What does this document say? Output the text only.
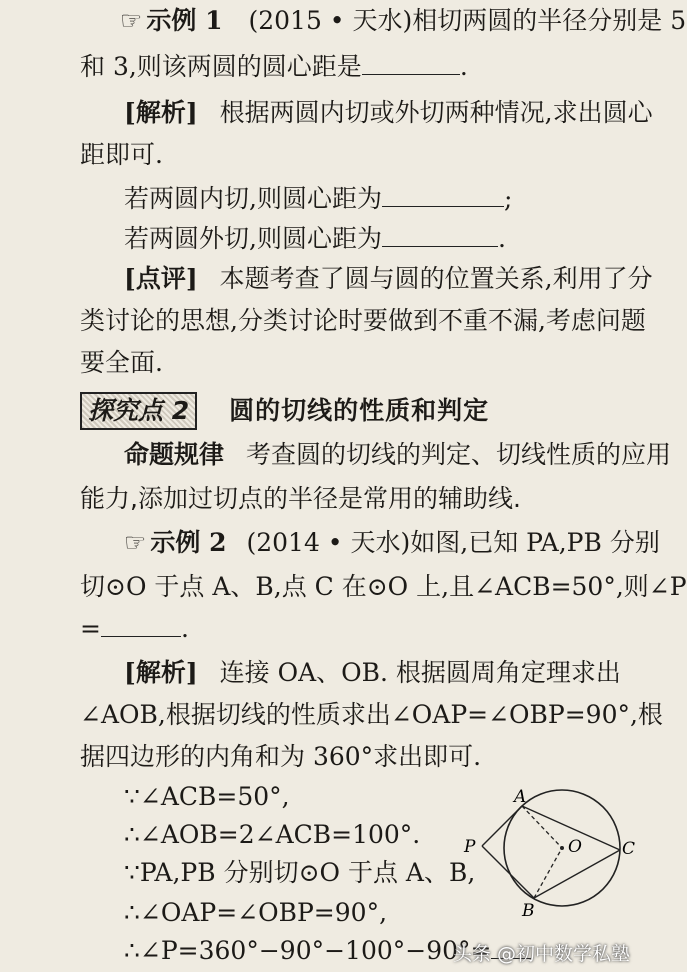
☞ 示例 1 (2015 • 天水)相切两圆的半径分别是 5
和 3,则该两圆的圆心距是	.
[解析] 根据两圆内切或外切两种情况,求出圆心
距即可.
若两圆内切,则圆心距为	;
若两圆外切,则圆心距为	.
[点评] 本题考查了圆与圆的位置关系,利用了分
类讨论的思想,分类讨论时要做到不重不漏,考虑问题
要全面.
探究点 2 圆的切线的性质和判定
命题规律 考查圆的切线的判定、切线性质的应用
能力,添加过切点的半径是常用的辅助线.
☞ 示例 2 (2014 • 天水)如图,已知 PA,PB 分别
切⊙O 于点 A、B,点 C 在⊙O 上,且∠ACB=50°,则∠P
=	.
[解析] 连接 OA、OB. 根据圆周角定理求出
∠AOB,根据切线的性质求出∠OAP=∠OBP=90°,根
据四边形的内角和为 360°求出即可.
∵∠ACB=50°,
∴∠AOB=2∠ACB=100°.
∵PA,PB 分别切⊙O 于点 A、B,
∴∠OAP=∠OBP=90°,
∴∠P=360°−90°−100°−90°=
A
B
C
O
P
头条 @初中数学私塾
